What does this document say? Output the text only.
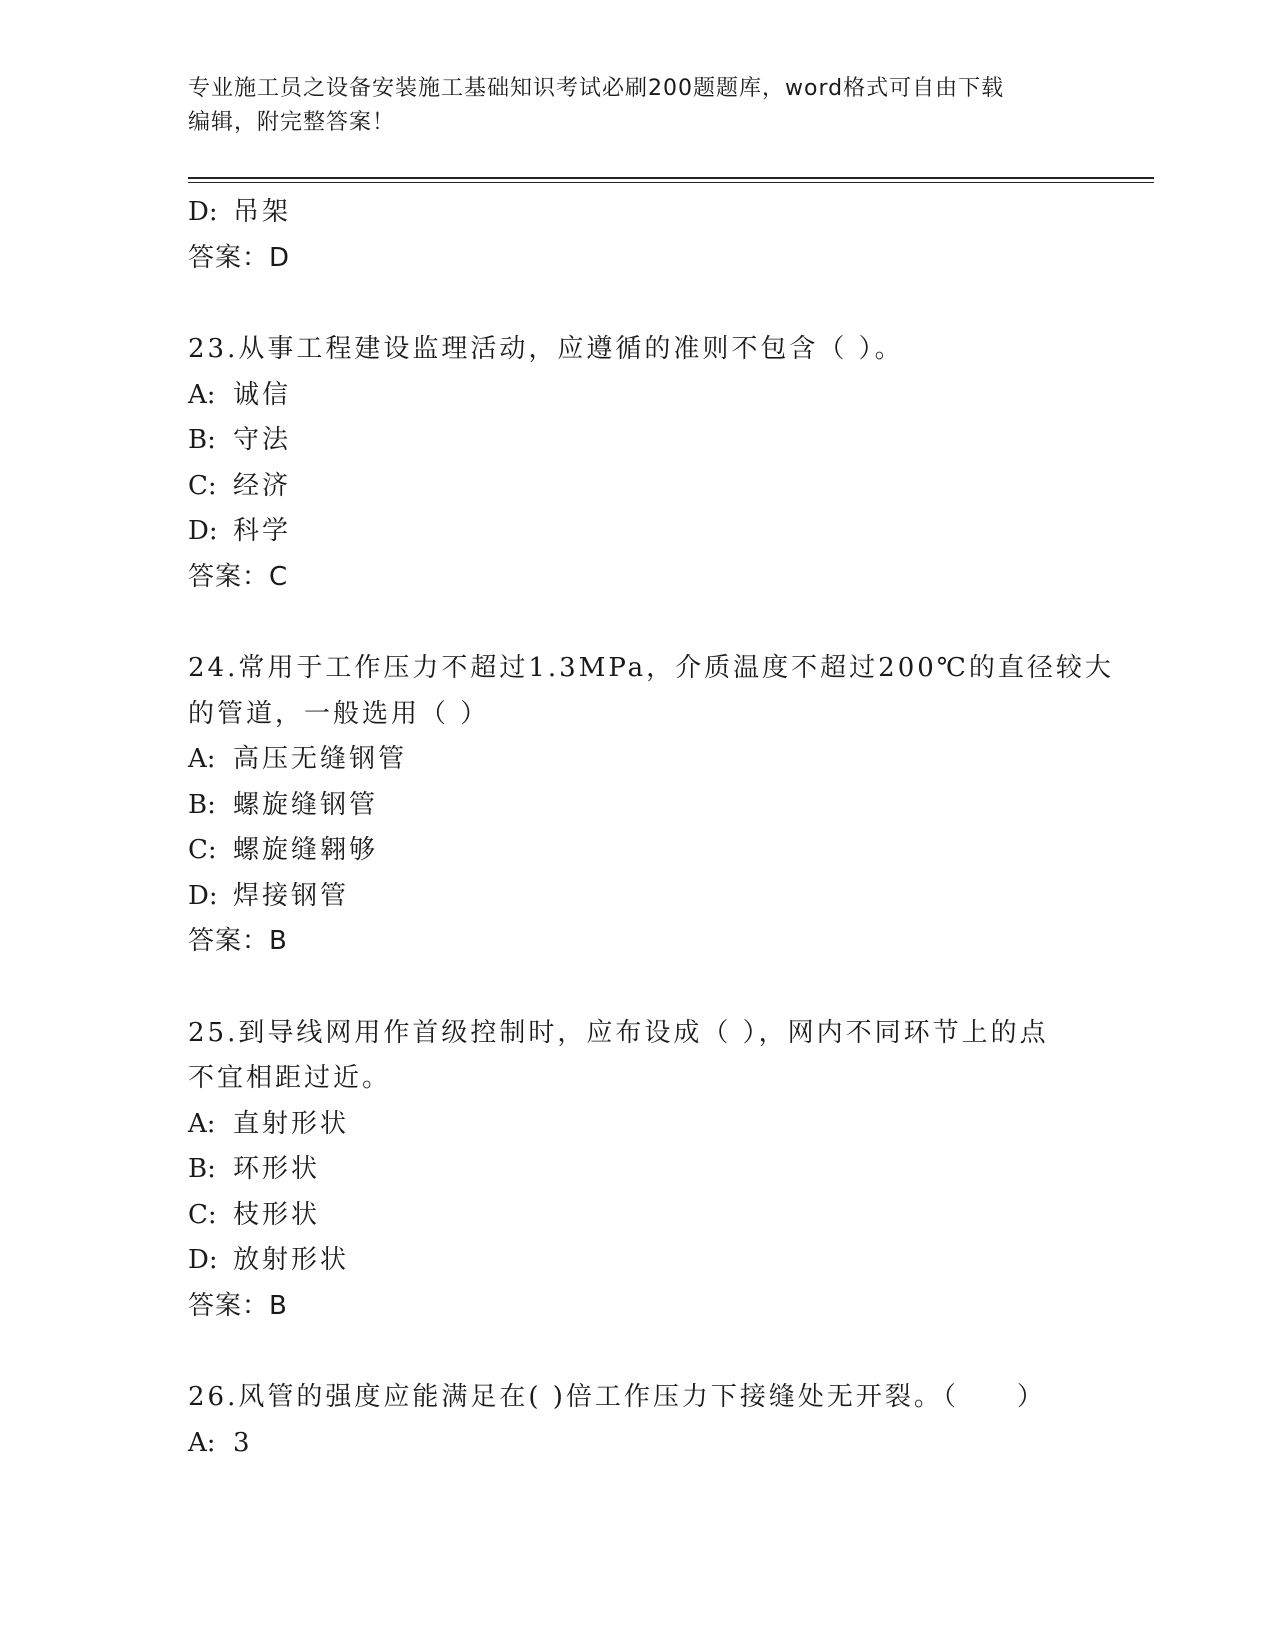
专业施工员之设备安装施工基础知识考试必刷200题题库，word格式可自由下载
编辑，附完整答案！
D: 吊架
答案：D
23.从事工程建设监理活动，应遵循的准则不包含（ ）。
A: 诚信
B: 守法
C: 经济
D: 科学
答案：C
24.常用于工作压力不超过1.3MPa，介质温度不超过200℃的直径较大
的管道，一般选用（ ）
A: 高压无缝钢管
B: 螺旋缝钢管
C: 螺旋缝翱够
D: 焊接钢管
答案：B
25.到导线网用作首级控制时，应布设成（ ），网内不同环节上的点
不宜相距过近。
A: 直射形状
B: 环形状
C: 枝形状
D: 放射形状
答案：B
26.风管的强度应能满足在( )倍工作压力下接缝处无开裂。（　　）
A: 3
